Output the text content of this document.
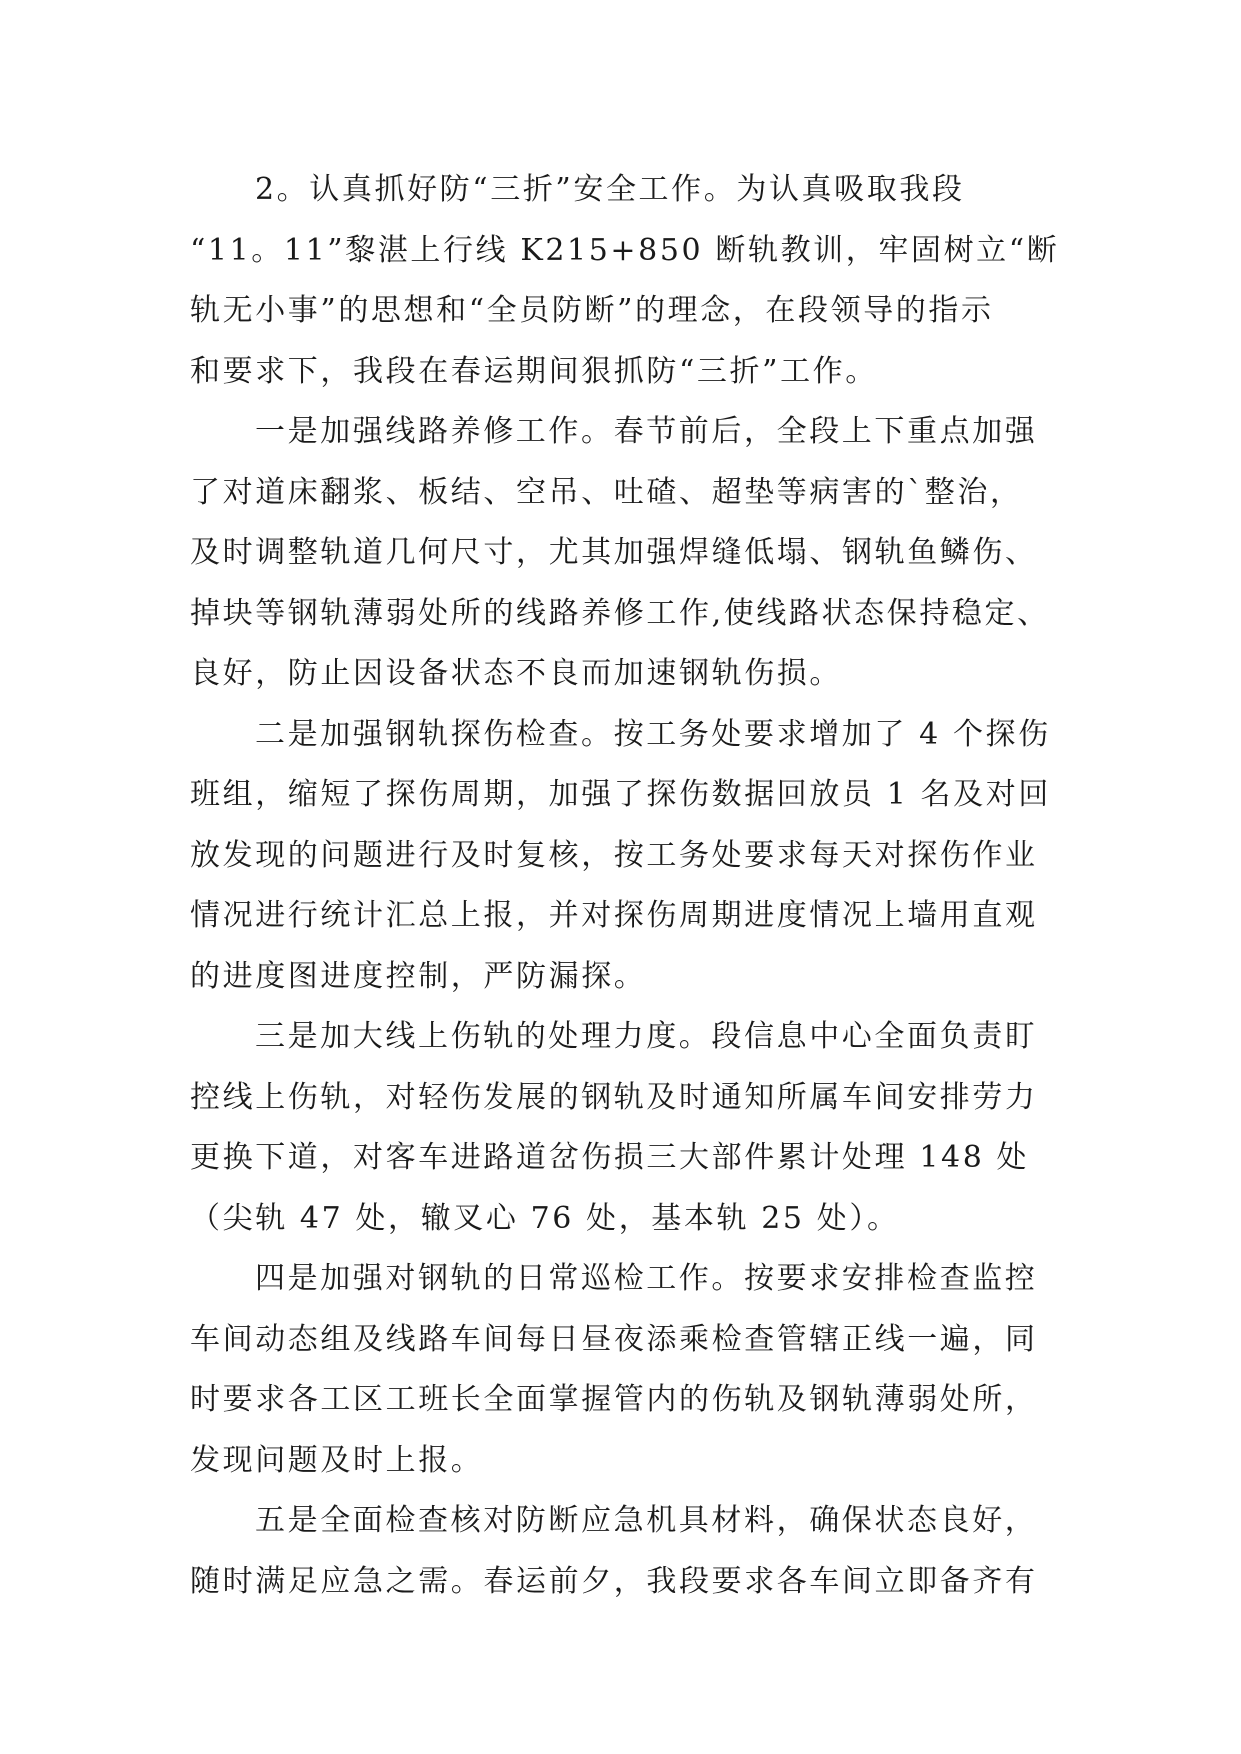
2。认真抓好防“三折”安全工作。为认真吸取我段
“11。11”黎湛上行线 K215+850 断轨教训，牢固树立“断
轨无小事”的思想和“全员防断”的理念，在段领导的指示
和要求下，我段在春运期间狠抓防“三折”工作。
一是加强线路养修工作。春节前后，全段上下重点加强
了对道床翻浆、板结、空吊、吐碴、超垫等病害的`整治，
及时调整轨道几何尺寸，尤其加强焊缝低塌、钢轨鱼鳞伤、
掉块等钢轨薄弱处所的线路养修工作,使线路状态保持稳定、
良好，防止因设备状态不良而加速钢轨伤损。
二是加强钢轨探伤检查。按工务处要求增加了 4 个探伤
班组，缩短了探伤周期，加强了探伤数据回放员 1 名及对回
放发现的问题进行及时复核，按工务处要求每天对探伤作业
情况进行统计汇总上报，并对探伤周期进度情况上墙用直观
的进度图进度控制，严防漏探。
三是加大线上伤轨的处理力度。段信息中心全面负责盯
控线上伤轨，对轻伤发展的钢轨及时通知所属车间安排劳力
更换下道，对客车进路道岔伤损三大部件累计处理 148 处
（尖轨 47 处，辙叉心 76 处，基本轨 25 处）。
四是加强对钢轨的日常巡检工作。按要求安排检查监控
车间动态组及线路车间每日昼夜添乘检查管辖正线一遍，同
时要求各工区工班长全面掌握管内的伤轨及钢轨薄弱处所，
发现问题及时上报。
五是全面检查核对防断应急机具材料，确保状态良好，
随时满足应急之需。春运前夕，我段要求各车间立即备齐有
